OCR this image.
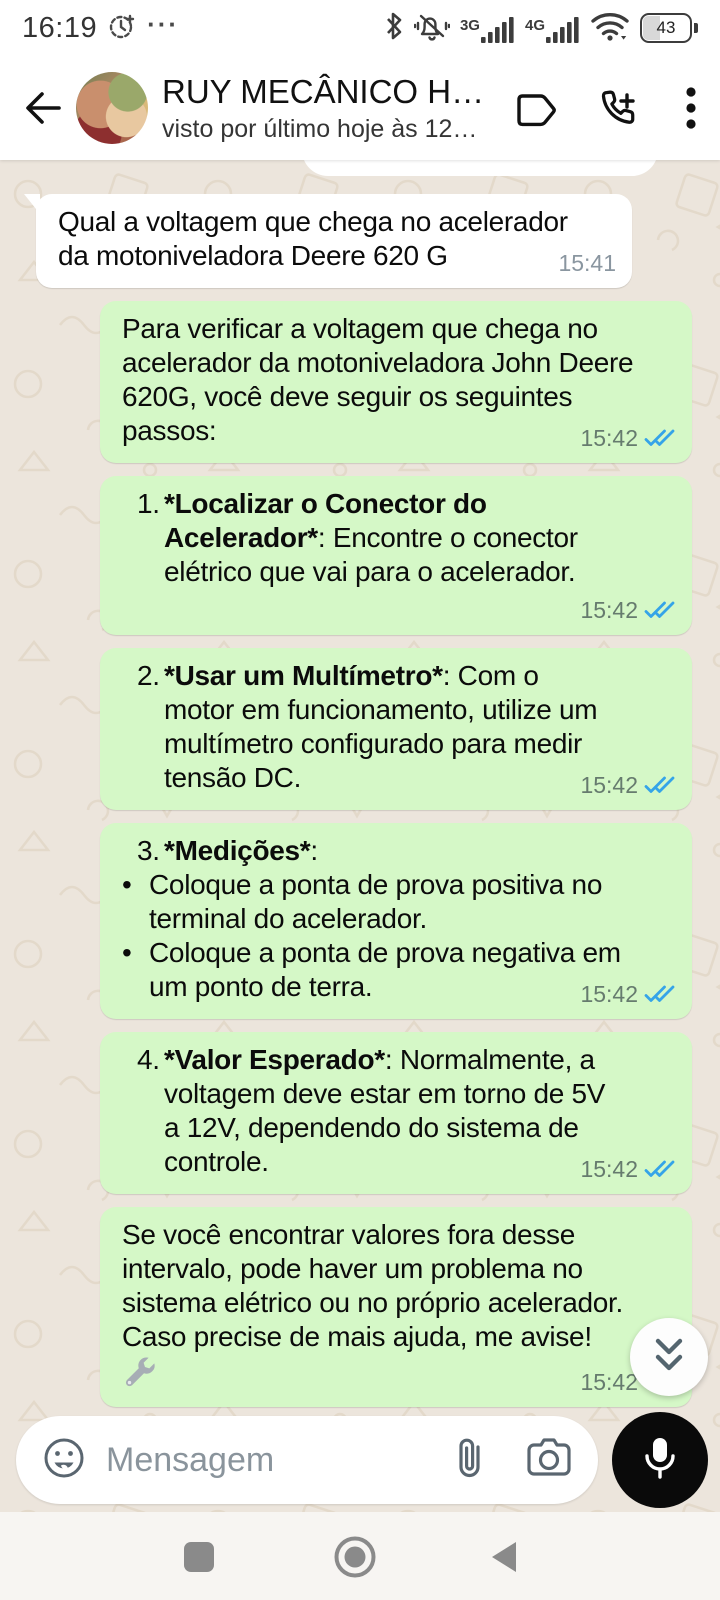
16:19 ···	3G	4G	43
RUY MECÂNICO H…
visto por último hoje às 12…
Qual a voltagem que chega no acelerador
da motoniveladora Deere 620 G	15:41
Para verificar a voltagem que chega no
acelerador da motoniveladora John Deere
620G, você deve seguir os seguintes
passos:	15:42
1. *Localizar o Conector do
Acelerador*: Encontre o conector
elétrico que vai para o acelerador.
15:42
2. *Usar um Multímetro*: Com o
motor em funcionamento, utilize um
multímetro configurado para medir
tensão DC.	15:42
3. *Medições*:
• Coloque a ponta de prova positiva no
terminal do acelerador.
• Coloque a ponta de prova negativa em
um ponto de terra.	15:42
4. *Valor Esperado*: Normalmente, a
voltagem deve estar em torno de 5V
a 12V, dependendo do sistema de
controle.	15:42
Se você encontrar valores fora desse
intervalo, pode haver um problema no
sistema elétrico ou no próprio acelerador.
Caso precise de mais ajuda, me avise!

15:42
Mensagem
